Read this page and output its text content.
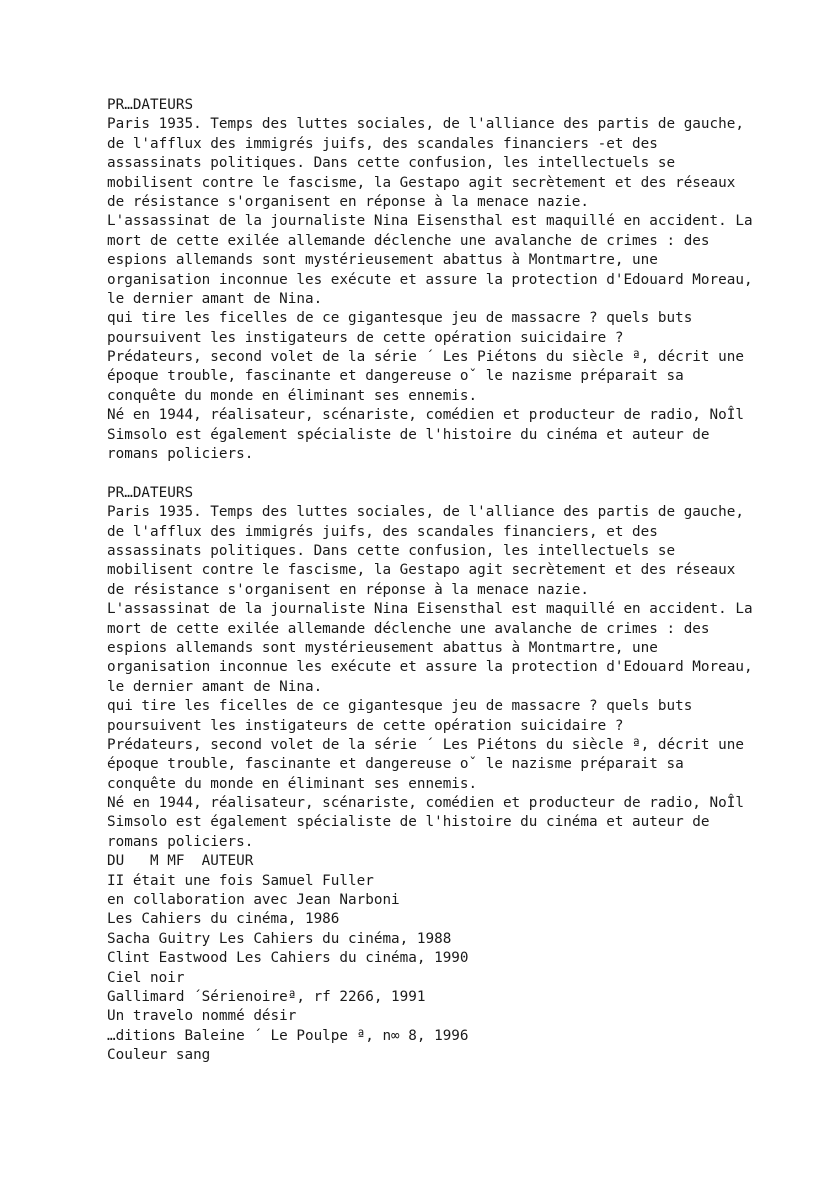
PR…DATEURS
Paris 1935. Temps des luttes sociales, de l'alliance des partis de gauche,
de l'afflux des immigrés juifs, des scandales financiers -et des
assassinats politiques. Dans cette confusion, les intellectuels se
mobilisent contre le fascisme, la Gestapo agit secrètement et des réseaux
de résistance s'organisent en réponse à la menace nazie.
L'assassinat de la journaliste Nina Eisensthal est maquillé en accident. La
mort de cette exilée allemande déclenche une avalanche de crimes : des
espions allemands sont mystérieusement abattus à Montmartre, une
organisation inconnue les exécute et assure la protection d'Edouard Moreau,
le dernier amant de Nina.
qui tire les ficelles de ce gigantesque jeu de massacre ? quels buts
poursuivent les instigateurs de cette opération suicidaire ?
Prédateurs, second volet de la série ´ Les Piétons du siècle ª, décrit une
époque trouble, fascinante et dangereuse oˇ le nazisme préparait sa
conquête du monde en éliminant ses ennemis.
Né en 1944, réalisateur, scénariste, comédien et producteur de radio, NoÎl
Simsolo est également spécialiste de l'histoire du cinéma et auteur de
romans policiers.
PR…DATEURS
Paris 1935. Temps des luttes sociales, de l'alliance des partis de gauche,
de l'afflux des immigrés juifs, des scandales financiers, et des
assassinats politiques. Dans cette confusion, les intellectuels se
mobilisent contre le fascisme, la Gestapo agit secrètement et des réseaux
de résistance s'organisent en réponse à la menace nazie.
L'assassinat de la journaliste Nina Eisensthal est maquillé en accident. La
mort de cette exilée allemande déclenche une avalanche de crimes : des
espions allemands sont mystérieusement abattus à Montmartre, une
organisation inconnue les exécute et assure la protection d'Edouard Moreau,
le dernier amant de Nina.
qui tire les ficelles de ce gigantesque jeu de massacre ? quels buts
poursuivent les instigateurs de cette opération suicidaire ?
Prédateurs, second volet de la série ´ Les Piétons du siècle ª, décrit une
époque trouble, fascinante et dangereuse oˇ le nazisme préparait sa
conquête du monde en éliminant ses ennemis.
Né en 1944, réalisateur, scénariste, comédien et producteur de radio, NoÎl
Simsolo est également spécialiste de l'histoire du cinéma et auteur de
romans policiers.
DU   M MF  AUTEUR
II était une fois Samuel Fuller
en collaboration avec Jean Narboni
Les Cahiers du cinéma, 1986
Sacha Guitry Les Cahiers du cinéma, 1988
Clint Eastwood Les Cahiers du cinéma, 1990
Ciel noir
Gallimard ´Sérienoireª, rf 2266, 1991
Un travelo nommé désir
…ditions Baleine ´ Le Poulpe ª, n∞ 8, 1996
Couleur sang
